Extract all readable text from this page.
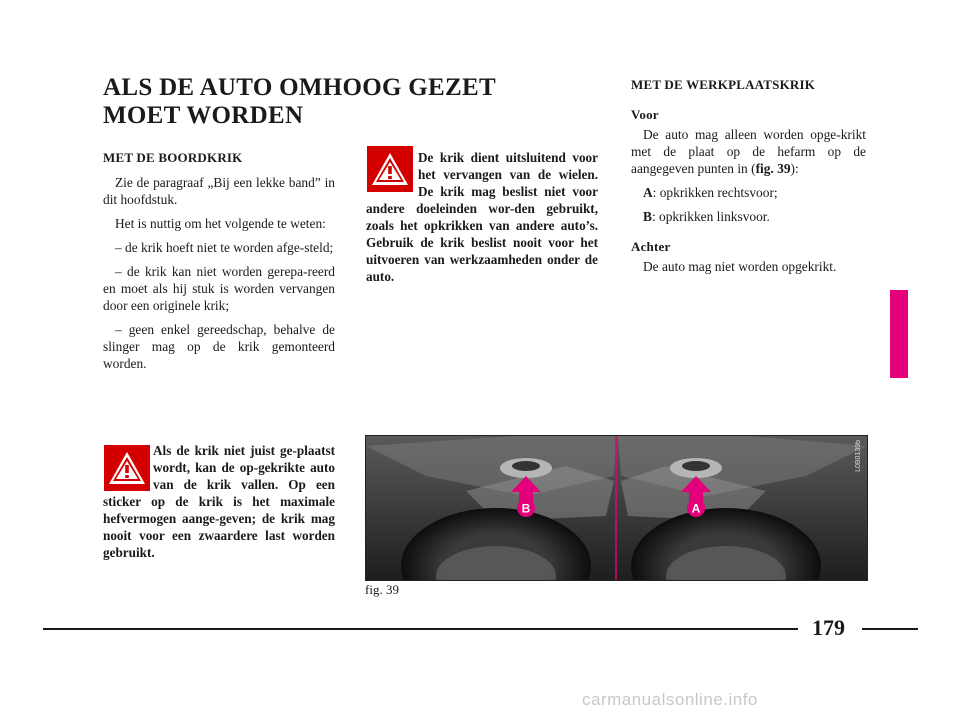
ALS DE AUTO OMHOOG GEZET
MOET WORDEN
MET DE BOORDKRIK

Zie de paragraaf „Bij een lekke band” in dit hoofdstuk.

Het is nuttig om het volgende te weten:

– de krik hoeft niet te worden afge-steld;

– de krik kan niet worden gerepa-reerd en moet als hij stuk is worden vervangen door een originele krik;

– geen enkel gereedschap, behalve de slinger mag op de krik gemonteerd worden.

Als de krik niet juist ge-plaatst wordt, kan de op-gekrikte auto van de krik vallen. Op een sticker op de krik is het maximale hefvermogen aange-geven; de krik mag nooit voor een zwaardere last worden gebruikt.
De krik dient uitsluitend voor het vervangen van de wielen. De krik mag beslist niet voor andere doeleinden wor-den gebruikt, zoals het opkrikken van andere auto’s. Gebruik de krik beslist nooit voor het uitvoeren van werkzaamheden onder de auto.
MET DE WERKPLAATSKRIK
Voor

De auto mag alleen worden opge-krikt met de plaat op de hefarm op de aangegeven punten in (fig. 39):

A: opkrikken rechtsvoor;

B: opkrikken linksvoor.

Achter

De auto mag niet worden opgekrikt.

B	A
L0B0139b
fig. 39
179
carmanualsonline.info
